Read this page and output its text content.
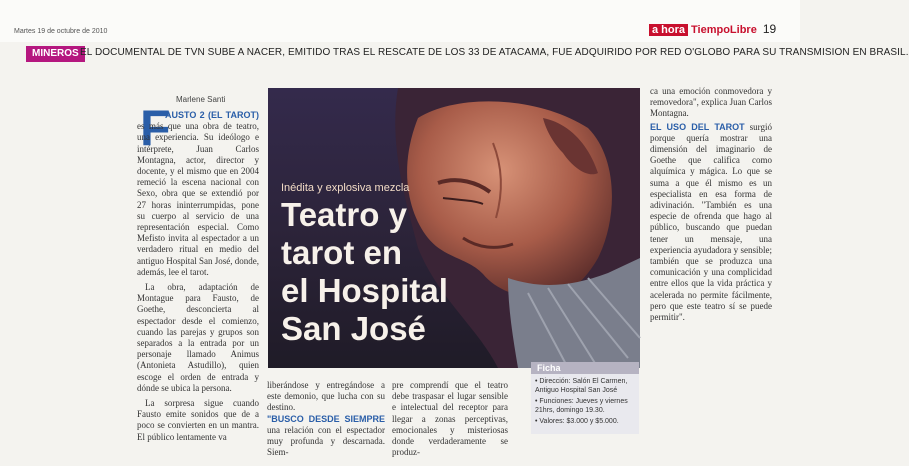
Martes 19 de octubre de 2010	a hora TiempoLibre 19
MINEROS EL DOCUMENTAL DE TVN SUBE A NACER, EMITIDO TRAS EL RESCATE DE LOS 33 DE ATACAMA, FUE ADQUIRIDO POR RED O'GLOBO PARA SU TRANSMISION EN BRASIL.
Marlene Santi
F

AUSTO 2 (EL TAROT) es más que una obra de teatro, una experiencia. Su ideólogo e intérprete, Juan Carlos Montagna, actor, director y docente, y el mismo que en 2004 remeció la escena nacional con Sexo, obra que se extendió por 27 horas ininterrumpidas, pone su cuerpo al servicio de una representación especial. Como Mefisto invita al espectador a un verdadero ritual en medio del antiguo Hospital San José, donde, además, lee el tarot.

La obra, adaptación de Montague para Fausto, de Goethe, desconcierta al espectador desde el comienzo, cuando las parejas y grupos son separados a la entrada por un personaje llamado Animus (Antonieta Astudillo), quien escoge el orden de entrada y dónde se ubica la persona.

La sorpresa sigue cuando Fausto emite sonidos que de a poco se convierten en un mantra. El público lentamente va

Inédita y explosiva mezcla
Teatro y
tarot en
el Hospital
San José
liberándose y entregándose a este demonio, que lucha con su destino.
"BUSCO DESDE SIEMPRE una relación con el espectador muy profunda y descarnada. Siem-
pre comprendí que el teatro debe traspasar el lugar sensible e intelectual del receptor para llegar a zonas perceptivas, emocionales y misteriosas donde verdaderamente se produz-
Ficha
• Dirección: Salón El Carmen, Antiguo Hospital San José
• Funciones: Jueves y viernes 21hrs, domingo 19.30.
• Valores: $3.000 y $5.000.

ca una emoción conmovedora y removedora", explica Juan Carlos Montagna.

EL USO DEL TAROT surgió porque quería mostrar una dimensión del imaginario de Goethe que califica como alquímica y mágica. Lo que se suma a que él mismo es un especialista en esa forma de adivinación. "También es una especie de ofrenda que hago al público, buscando que puedan tener un mensaje, una experiencia ayudadora y sensible; también que se produzca una comunicación y una complicidad entre ellos que la vida práctica y acelerada no permite fácilmente, pero que este teatro sí se puede permitir".
